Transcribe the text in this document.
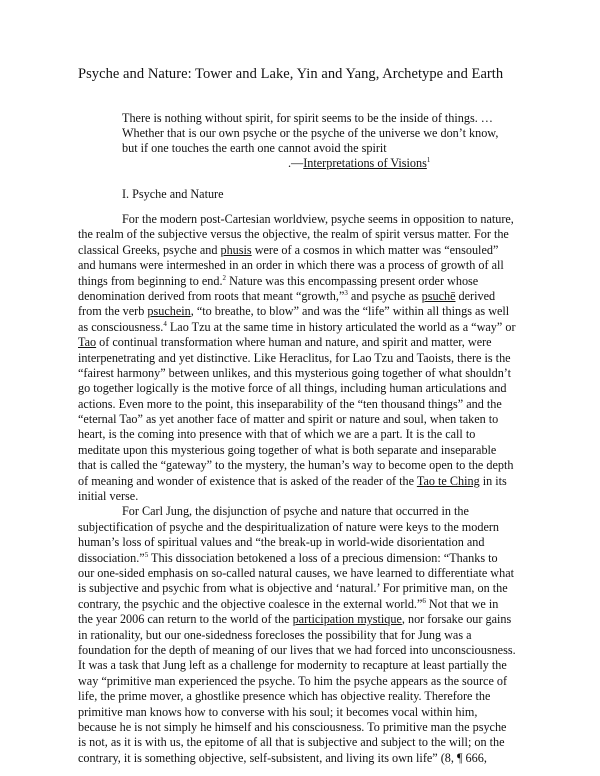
Psyche and Nature: Tower and Lake, Yin and Yang, Archetype and Earth
There is nothing without spirit, for spirit seems to be the inside of things. …
Whether that is our own psyche or the psyche of the universe we don’t know,
but if one touches the earth one cannot avoid the spirit
.—Interpretations of Visions$^1$
I. Psyche and Nature
For the modern post-Cartesian worldview, psyche seems in opposition to nature,
the realm of the subjective versus the objective, the realm of spirit versus matter. For the
classical Greeks, psyche and phusis were of a cosmos in which matter was “ensouled”
and humans were intermeshed in an order in which there was a process of growth of all
things from beginning to end.$^2$ Nature was this encompassing present order whose
denomination derived from roots that meant “growth,”$^3$ and psyche as psuchē derived
from the verb psuchein, “to breathe, to blow” and was the “life” within all things as well
as consciousness.$^4$ Lao Tzu at the same time in history articulated the world as a “way” or
Tao of continual transformation where human and nature, and spirit and matter, were
interpenetrating and yet distinctive. Like Heraclitus, for Lao Tzu and Taoists, there is the
“fairest harmony” between unlikes, and this mysterious going together of what shouldn’t
go together logically is the motive force of all things, including human articulations and
actions. Even more to the point, this inseparability of the “ten thousand things” and the
“eternal Tao” as yet another face of matter and spirit or nature and soul, when taken to
heart, is the coming into presence with that of which we are a part. It is the call to
meditate upon this mysterious going together of what is both separate and inseparable
that is called the “gateway” to the mystery, the human’s way to become open to the depth
of meaning and wonder of existence that is asked of the reader of the Tao te Ching in its
initial verse.
For Carl Jung, the disjunction of psyche and nature that occurred in the
subjectification of psyche and the despiritualization of nature were keys to the modern
human’s loss of spiritual values and “the break-up in world-wide disorientation and
dissociation.”$^5$ This dissociation betokened a loss of a precious dimension: “Thanks to
our one-sided emphasis on so-called natural causes, we have learned to differentiate what
is subjective and psychic from what is objective and ‘natural.’ For primitive man, on the
contrary, the psychic and the objective coalesce in the external world.”$^6$ Not that we in
the year 2006 can return to the world of the participation mystique, nor forsake our gains
in rationality, but our one-sidedness forecloses the possibility that for Jung was a
foundation for the depth of meaning of our lives that we had forced into unconsciousness.
It was a task that Jung left as a challenge for modernity to recapture at least partially the
way “primitive man experienced the psyche. To him the psyche appears as the source of
life, the prime mover, a ghostlike presence which has objective reality. Therefore the
primitive man knows how to converse with his soul; it becomes vocal within him,
because he is not simply he himself and his consciousness. To primitive man the psyche
is not, as it is with us, the epitome of all that is subjective and subject to the will; on the
contrary, it is something objective, self-subsistent, and living its own life” (8, ¶ 666,
